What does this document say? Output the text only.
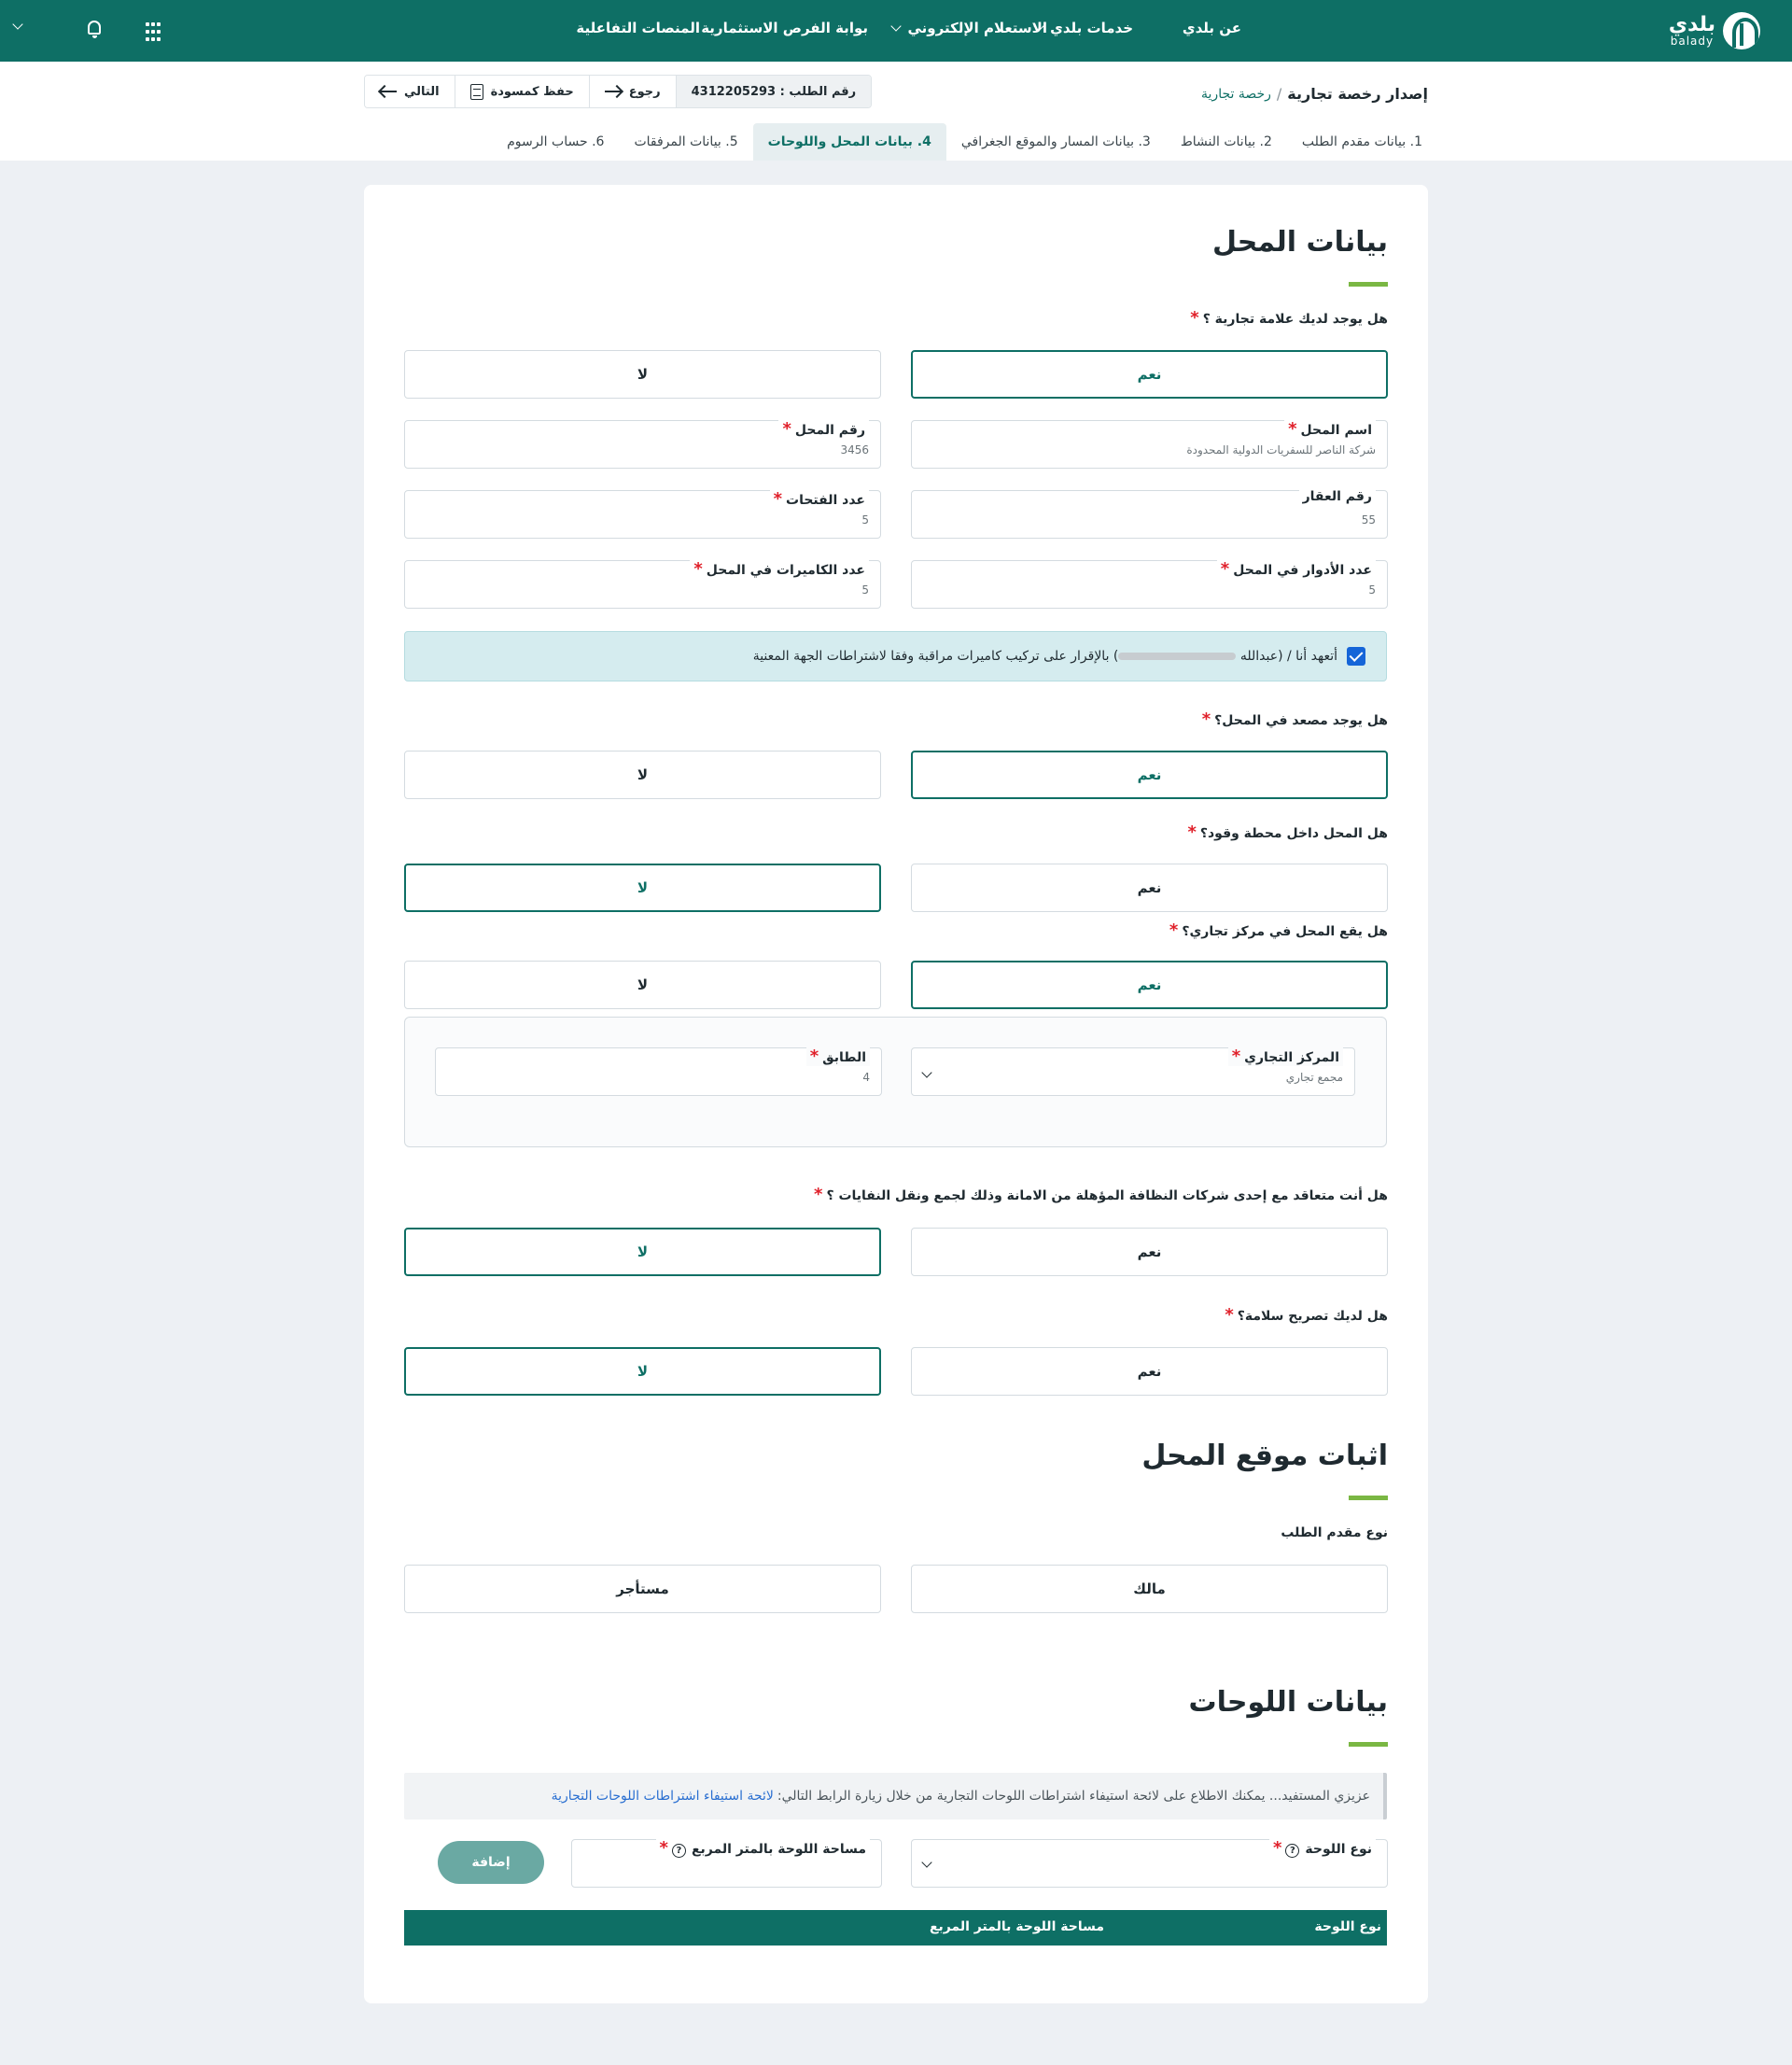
بلدي
balady
عن بلدي
خدمات بلدي
الاستعلام الإلكتروني
بوابة الفرص الاستثمارية
المنصات التفاعلية
إصدار رخصة تجارية
/
رخصة تجارية
رقم الطلب : 4312205293
رجوع
حفظ كمسودة
التالي
1. بيانات مقدم الطلب
2. بيانات النشاط
3. بيانات المسار والموقع الجغرافي
4. بيانات المحل واللوحات
5. بيانات المرفقات
6. حساب الرسوم
بيانات المحل
هل يوجد لديك علامة تجارية ؟*
نعم
لا
اسم المحل*
شركة الناصر للسفريات الدولية المحدودة
رقم المحل*
3456
رقم العقار
55
عدد الفتحات*
5
عدد الأدوار في المحل*
5
عدد الكاميرات في المحل*
5
أتعهد أنا / (عبدالله ) بالإقرار على تركيب كاميرات مراقبة وفقا لاشتراطات الجهة المعنية
هل يوجد مصعد في المحل؟*
نعم
لا
هل المحل داخل محطة وقود؟*
نعم
لا
هل يقع المحل في مركز تجاري؟*
نعم
لا
المركز التجاري*
مجمع تجاري
الطابق*
4
هل أنت متعاقد مع إحدى شركات النظافة المؤهلة من الامانة وذلك لجمع ونقل النفايات ؟*
نعم
لا
هل لديك تصريح سلامة؟*
نعم
لا
اثبات موقع المحل
نوع مقدم الطلب
مالك
مستأجر
بيانات اللوحات
عزيزي المستفيد... يمكنك الاطلاع على لائحة استيفاء اشتراطات اللوحات التجارية من خلال زيارة الرابط التالي:
لائحة استيفاء اشتراطات اللوحات التجارية
نوع اللوحة?*
مساحة اللوحة بالمتر المربع?*
إضافة
نوع اللوحة
مساحة اللوحة بالمتر المربع
